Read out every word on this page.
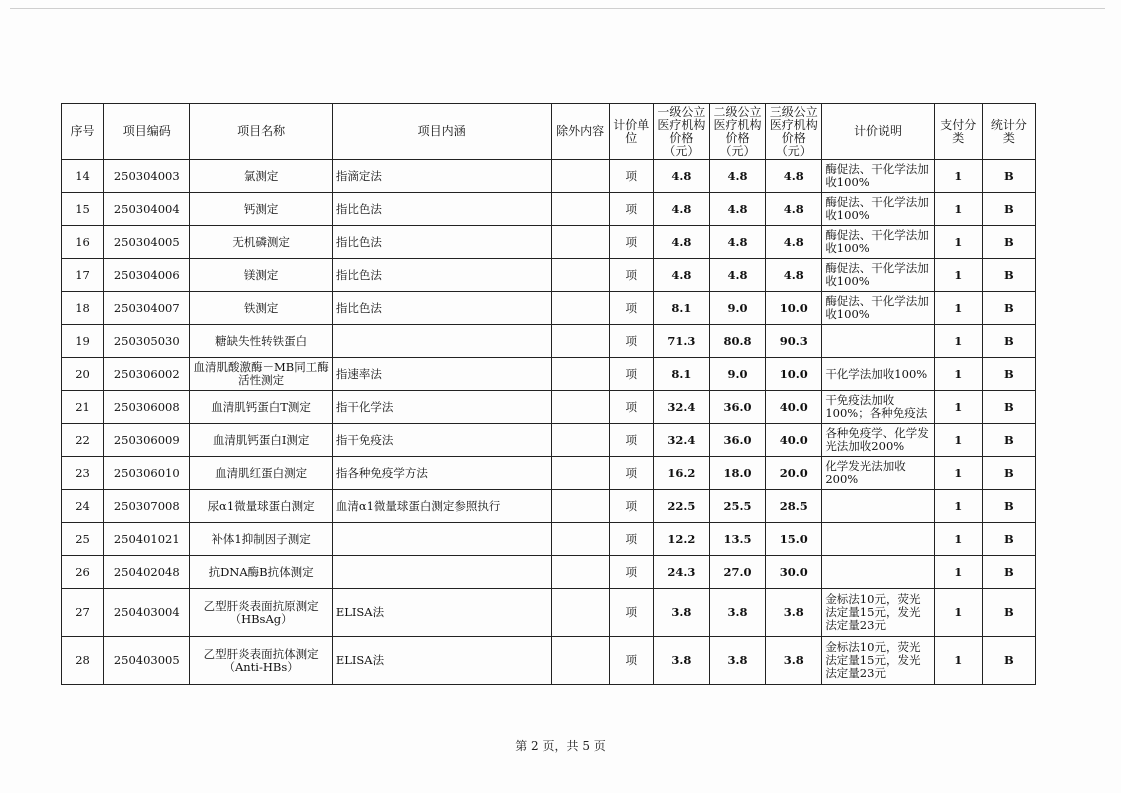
序号	项目编码	项目名称	项目内涵	除外内容	计价单位	一级公立医疗机构价格（元）	二级公立医疗机构价格（元）	三级公立医疗机构价格（元）	计价说明	支付分类	统计分类
14	250304003	氯测定	指滴定法		项	4.8	4.8	4.8	酶促法、干化学法加收100%	1	B
15	250304004	钙测定	指比色法		项	4.8	4.8	4.8	酶促法、干化学法加收100%	1	B
16	250304005	无机磷测定	指比色法		项	4.8	4.8	4.8	酶促法、干化学法加收100%	1	B
17	250304006	镁测定	指比色法		项	4.8	4.8	4.8	酶促法、干化学法加收100%	1	B
18	250304007	铁测定	指比色法		项	8.1	9.0	10.0	酶促法、干化学法加收100%	1	B
19	250305030	糖缺失性转铁蛋白			项	71.3	80.8	90.3		1	B
20	250306002	血清肌酸激酶－MB同工酶活性测定	指速率法		项	8.1	9.0	10.0	干化学法加收100%	1	B
21	250306008	血清肌钙蛋白T测定	指干化学法		项	32.4	36.0	40.0	干免疫法加收100%；各种免疫法	1	B
22	250306009	血清肌钙蛋白I测定	指干免疫法		项	32.4	36.0	40.0	各种免疫学、化学发光法加收200%	1	B
23	250306010	血清肌红蛋白测定	指各种免疫学方法		项	16.2	18.0	20.0	化学发光法加收200%	1	B
24	250307008	尿α1微量球蛋白测定	血清α1微量球蛋白测定参照执行		项	22.5	25.5	28.5		1	B
25	250401021	补体1抑制因子测定			项	12.2	13.5	15.0		1	B
26	250402048	抗DNA酶B抗体测定			项	24.3	27.0	30.0		1	B
27	250403004	乙型肝炎表面抗原测定（HBsAg）	ELISA法		项	3.8	3.8	3.8	金标法10元，荧光法定量15元，发光法定量23元	1	B
28	250403005	乙型肝炎表面抗体测定（Anti-HBs）	ELISA法		项	3.8	3.8	3.8	金标法10元，荧光法定量15元，发光法定量23元	1	B
第 2 页，共 5 页
